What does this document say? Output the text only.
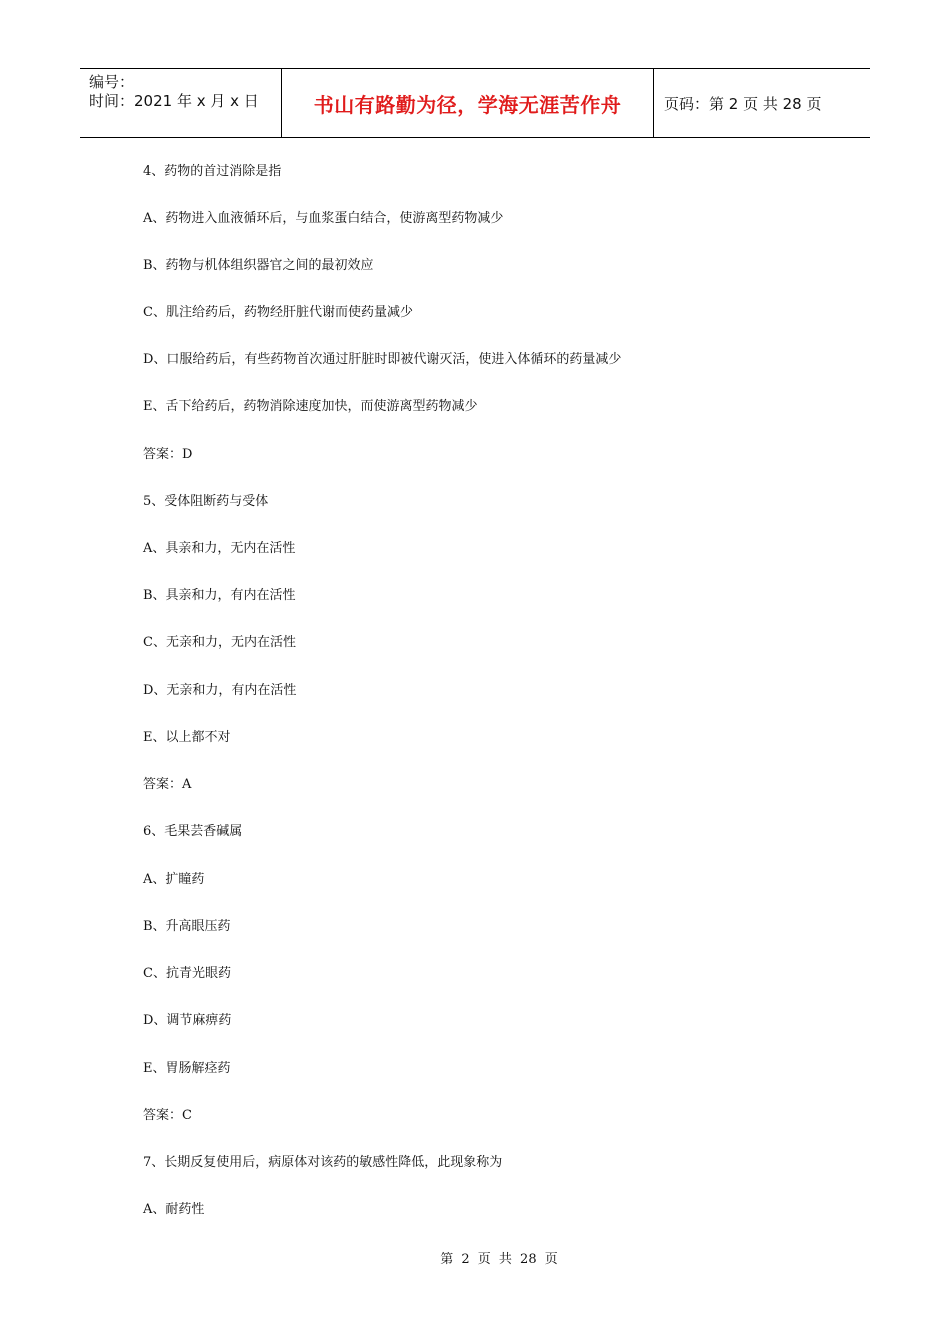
编号：
时间：2021 年 x 月 x 日	书山有路勤为径，学海无涯苦作舟	页码：第 2 页 共 28 页
4、药物的首过消除是指
A、药物进入血液循环后，与血浆蛋白结合，使游离型药物减少
B、药物与机体组织器官之间的最初效应
C、肌注给药后，药物经肝脏代谢而使药量减少
D、口服给药后，有些药物首次通过肝脏时即被代谢灭活，使进入体循环的药量减少
E、舌下给药后，药物消除速度加快，而使游离型药物减少
答案：D
5、受体阻断药与受体
A、具亲和力，无内在活性
B、具亲和力，有内在活性
C、无亲和力，无内在活性
D、无亲和力，有内在活性
E、以上都不对
答案：A
6、毛果芸香碱属
A、扩瞳药
B、升高眼压药
C、抗青光眼药
D、调节麻痹药
E、胃肠解痉药
答案：C
7、长期反复使用后，病原体对该药的敏感性降低，此现象称为
A、耐药性
第 2 页 共 28 页
